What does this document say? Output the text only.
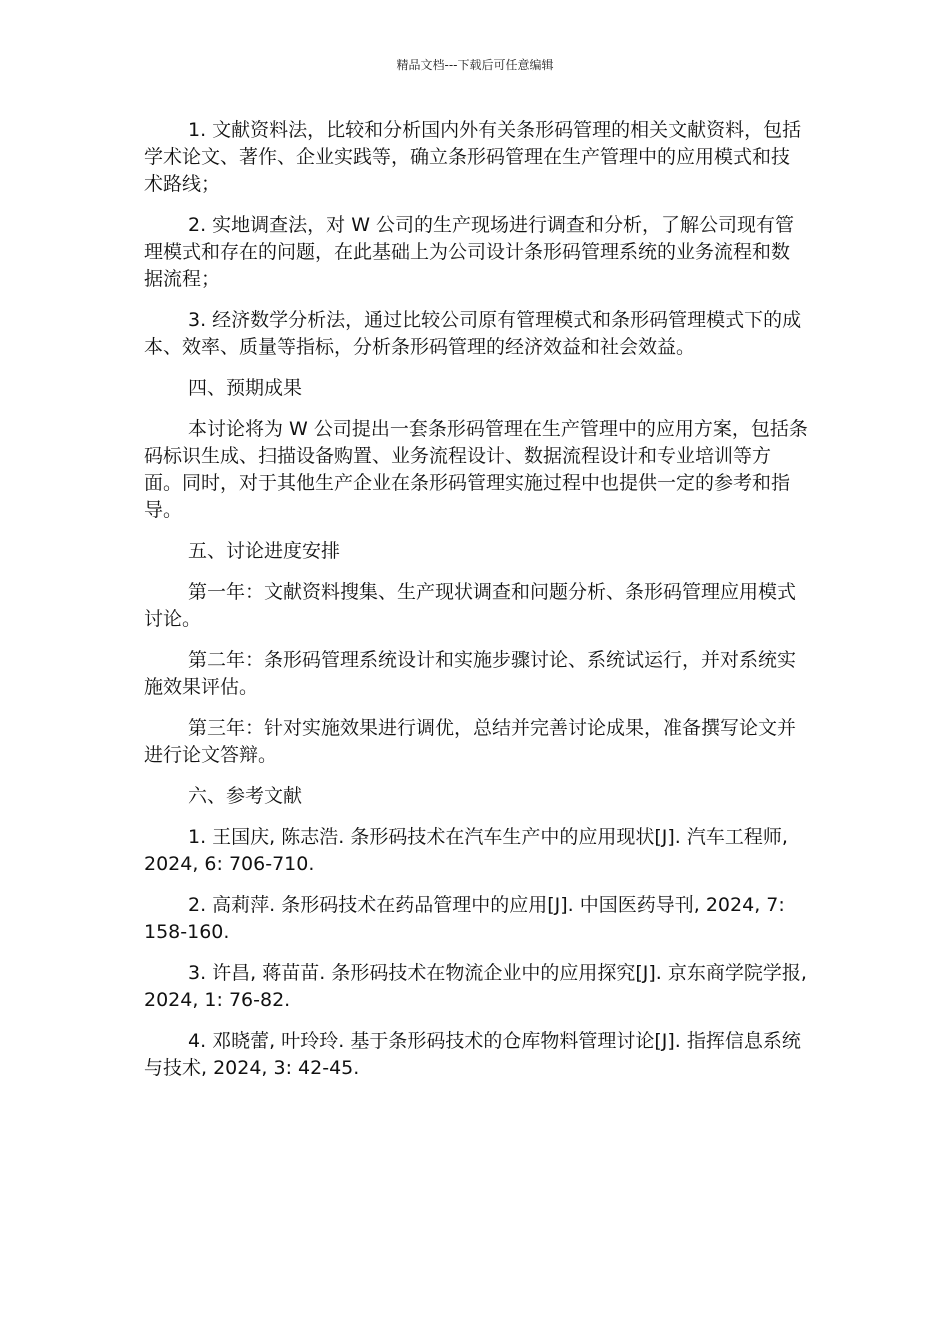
精品文档---下载后可任意编辑

1. 文献资料法，比较和分析国内外有关条形码管理的相关文献资料，包括学术论文、著作、企业实践等，确立条形码管理在生产管理中的应用模式和技术路线；

2. 实地调查法，对 W 公司的生产现场进行调查和分析，了解公司现有管理模式和存在的问题，在此基础上为公司设计条形码管理系统的业务流程和数据流程；

3. 经济数学分析法，通过比较公司原有管理模式和条形码管理模式下的成本、效率、质量等指标，分析条形码管理的经济效益和社会效益。

四、预期成果

本讨论将为 W 公司提出一套条形码管理在生产管理中的应用方案，包括条码标识生成、扫描设备购置、业务流程设计、数据流程设计和专业培训等方面。同时，对于其他生产企业在条形码管理实施过程中也提供一定的参考和指导。

五、讨论进度安排

第一年：文献资料搜集、生产现状调查和问题分析、条形码管理应用模式讨论。

第二年：条形码管理系统设计和实施步骤讨论、系统试运行，并对系统实施效果评估。

第三年：针对实施效果进行调优，总结并完善讨论成果，准备撰写论文并进行论文答辩。

六、参考文献

1. 王国庆, 陈志浩. 条形码技术在汽车生产中的应用现状[J]. 汽车工程师, 2024, 6: 706-710.

2. 高莉萍. 条形码技术在药品管理中的应用[J]. 中国医药导刊, 2024, 7: 158-160.

3. 许昌, 蒋苗苗. 条形码技术在物流企业中的应用探究[J]. 京东商学院学报, 2024, 1: 76-82.

4. 邓晓蕾, 叶玲玲. 基于条形码技术的仓库物料管理讨论[J]. 指挥信息系统与技术, 2024, 3: 42-45.
